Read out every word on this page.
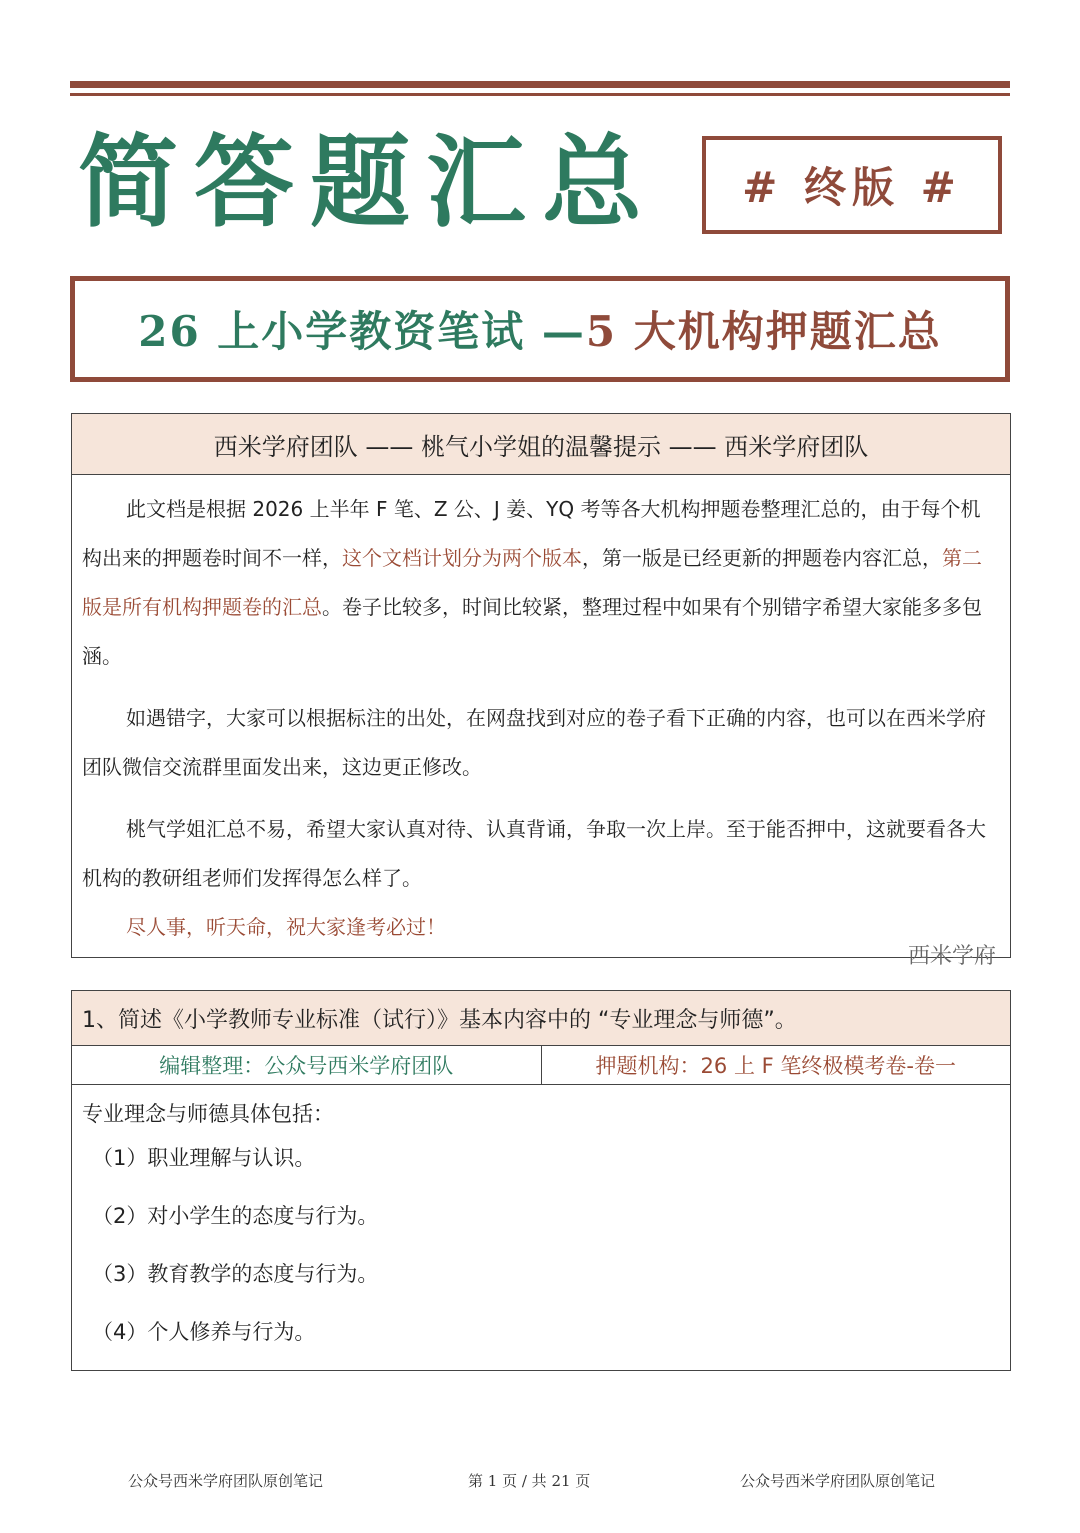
简答题汇总	# 终版 #
26 上小学教资笔试 — 5 大机构押题汇总
西米学府团队 —— 桃气小学姐的温馨提示 —— 西米学府团队

此文档是根据 2026 上半年 F 笔、Z 公、J 姜、YQ 考等各大机构押题卷整理汇总的，由于每个机构出来的押题卷时间不一样，这个文档计划分为两个版本，第一版是已经更新的押题卷内容汇总，第二版是所有机构押题卷的汇总。卷子比较多，时间比较紧，整理过程中如果有个别错字希望大家能多多包涵。

如遇错字，大家可以根据标注的出处，在网盘找到对应的卷子看下正确的内容，也可以在西米学府团队微信交流群里面发出来，这边更正修改。

桃气学姐汇总不易，希望大家认真对待、认真背诵，争取一次上岸。至于能否押中，这就要看各大机构的教研组老师们发挥得怎么样了。

尽人事，听天命，祝大家逢考必过！
西米学府
1、简述《小学教师专业标准（试行）》基本内容中的 “专业理念与师德”。
编辑整理：公众号西米学府团队	押题机构：26 上 F 笔终极模考卷-卷一
专业理念与师德具体包括：
（1）职业理解与认识。
（2）对小学生的态度与行为。
（3）教育教学的态度与行为。
（4）个人修养与行为。
公众号西米学府团队原创笔记	第 1 页 / 共 21 页	公众号西米学府团队原创笔记
